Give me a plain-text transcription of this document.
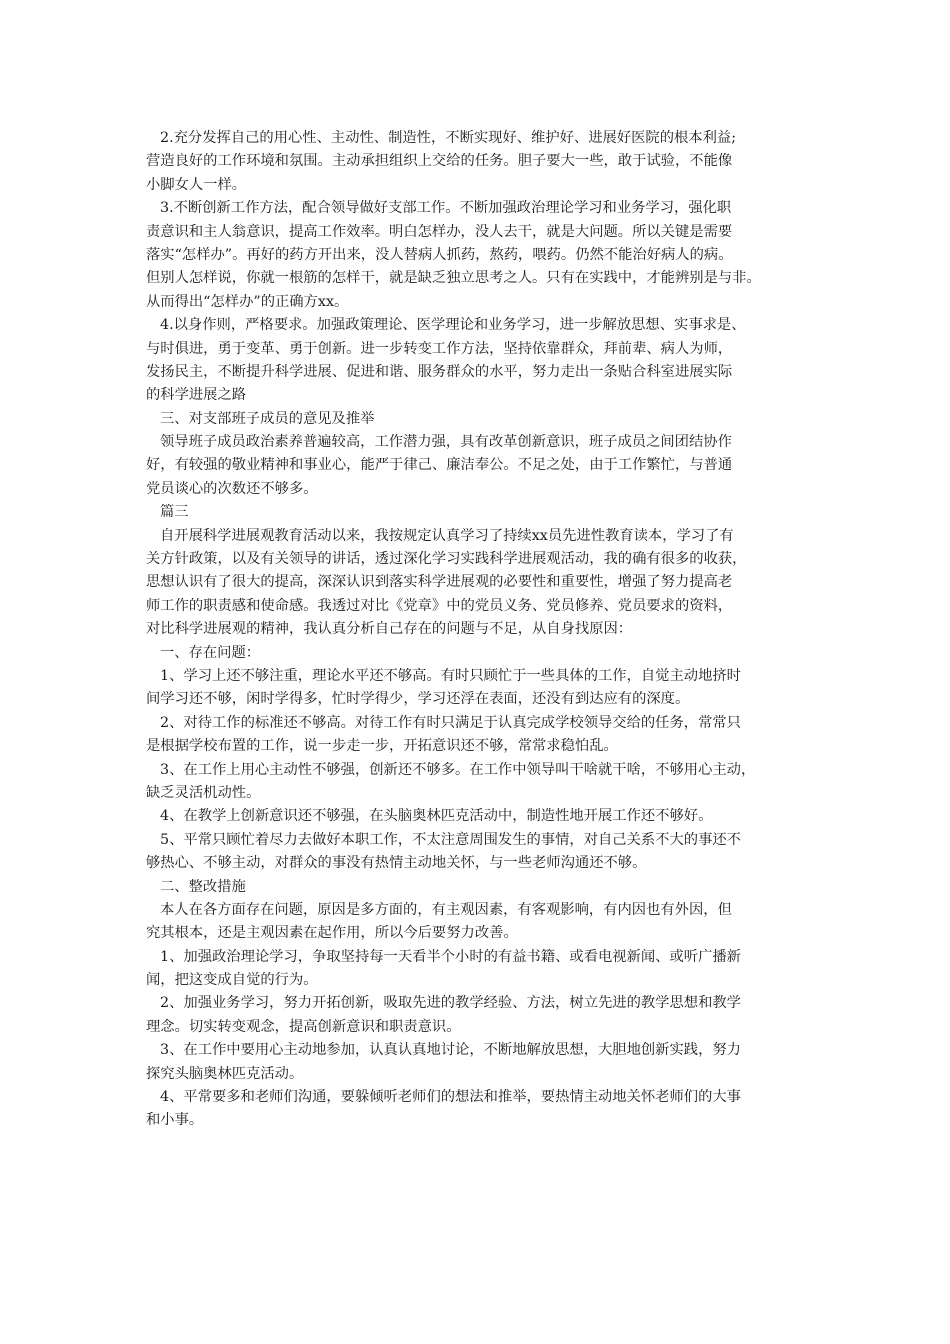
2.充分发挥自己的用心性、主动性、制造性，不断实现好、维护好、进展好医院的根本利益;
营造良好的工作环境和氛围。主动承担组织上交给的任务。胆子要大一些，敢于试验，不能像
小脚女人一样。
3.不断创新工作方法，配合领导做好支部工作。不断加强政治理论学习和业务学习，强化职
责意识和主人翁意识，提高工作效率。明白怎样办，没人去干，就是大问题。所以关键是需要
落实“怎样办”。再好的药方开出来，没人替病人抓药，熬药，喂药。仍然不能治好病人的病。
但别人怎样说，你就一根筋的怎样干，就是缺乏独立思考之人。只有在实践中，才能辨别是与非。
从而得出“怎样办”的正确方xx。
4.以身作则，严格要求。加强政策理论、医学理论和业务学习，进一步解放思想、实事求是、
与时俱进，勇于变革、勇于创新。进一步转变工作方法，坚持依靠群众，拜前辈、病人为师，
发扬民主，不断提升科学进展、促进和谐、服务群众的水平，努力走出一条贴合科室进展实际
的科学进展之路
三、对支部班子成员的意见及推举
领导班子成员政治素养普遍较高，工作潜力强，具有改革创新意识，班子成员之间团结协作
好，有较强的敬业精神和事业心，能严于律己、廉洁奉公。不足之处，由于工作繁忙，与普通
党员谈心的次数还不够多。
篇三
自开展科学进展观教育活动以来，我按规定认真学习了持续xx员先进性教育读本，学习了有
关方针政策，以及有关领导的讲话，透过深化学习实践科学进展观活动，我的确有很多的收获，
思想认识有了很大的提高，深深认识到落实科学进展观的必要性和重要性，增强了努力提高老
师工作的职责感和使命感。我透过对比《党章》中的党员义务、党员修养、党员要求的资料，
对比科学进展观的精神，我认真分析自己存在的问题与不足，从自身找原因：
一、存在问题：
1、学习上还不够注重，理论水平还不够高。有时只顾忙于一些具体的工作，自觉主动地挤时
间学习还不够，闲时学得多，忙时学得少，学习还浮在表面，还没有到达应有的深度。
2、对待工作的标准还不够高。对待工作有时只满足于认真完成学校领导交给的任务，常常只
是根据学校布置的工作，说一步走一步，开拓意识还不够，常常求稳怕乱。
3、在工作上用心主动性不够强，创新还不够多。在工作中领导叫干啥就干啥，不够用心主动，
缺乏灵活机动性。
4、在教学上创新意识还不够强，在头脑奥林匹克活动中，制造性地开展工作还不够好。
5、平常只顾忙着尽力去做好本职工作，不太注意周围发生的事情，对自己关系不大的事还不
够热心、不够主动，对群众的事没有热情主动地关怀，与一些老师沟通还不够。
二、整改措施
本人在各方面存在问题，原因是多方面的，有主观因素，有客观影响，有内因也有外因，但
究其根本，还是主观因素在起作用，所以今后要努力改善。
1、加强政治理论学习，争取坚持每一天看半个小时的有益书籍、或看电视新闻、或听广播新
闻，把这变成自觉的行为。
2、加强业务学习，努力开拓创新，吸取先进的教学经验、方法，树立先进的教学思想和教学
理念。切实转变观念，提高创新意识和职责意识。
3、在工作中要用心主动地参加，认真认真地讨论，不断地解放思想，大胆地创新实践，努力
探究头脑奥林匹克活动。
4、平常要多和老师们沟通，要躲倾听老师们的想法和推举，要热情主动地关怀老师们的大事
和小事。
